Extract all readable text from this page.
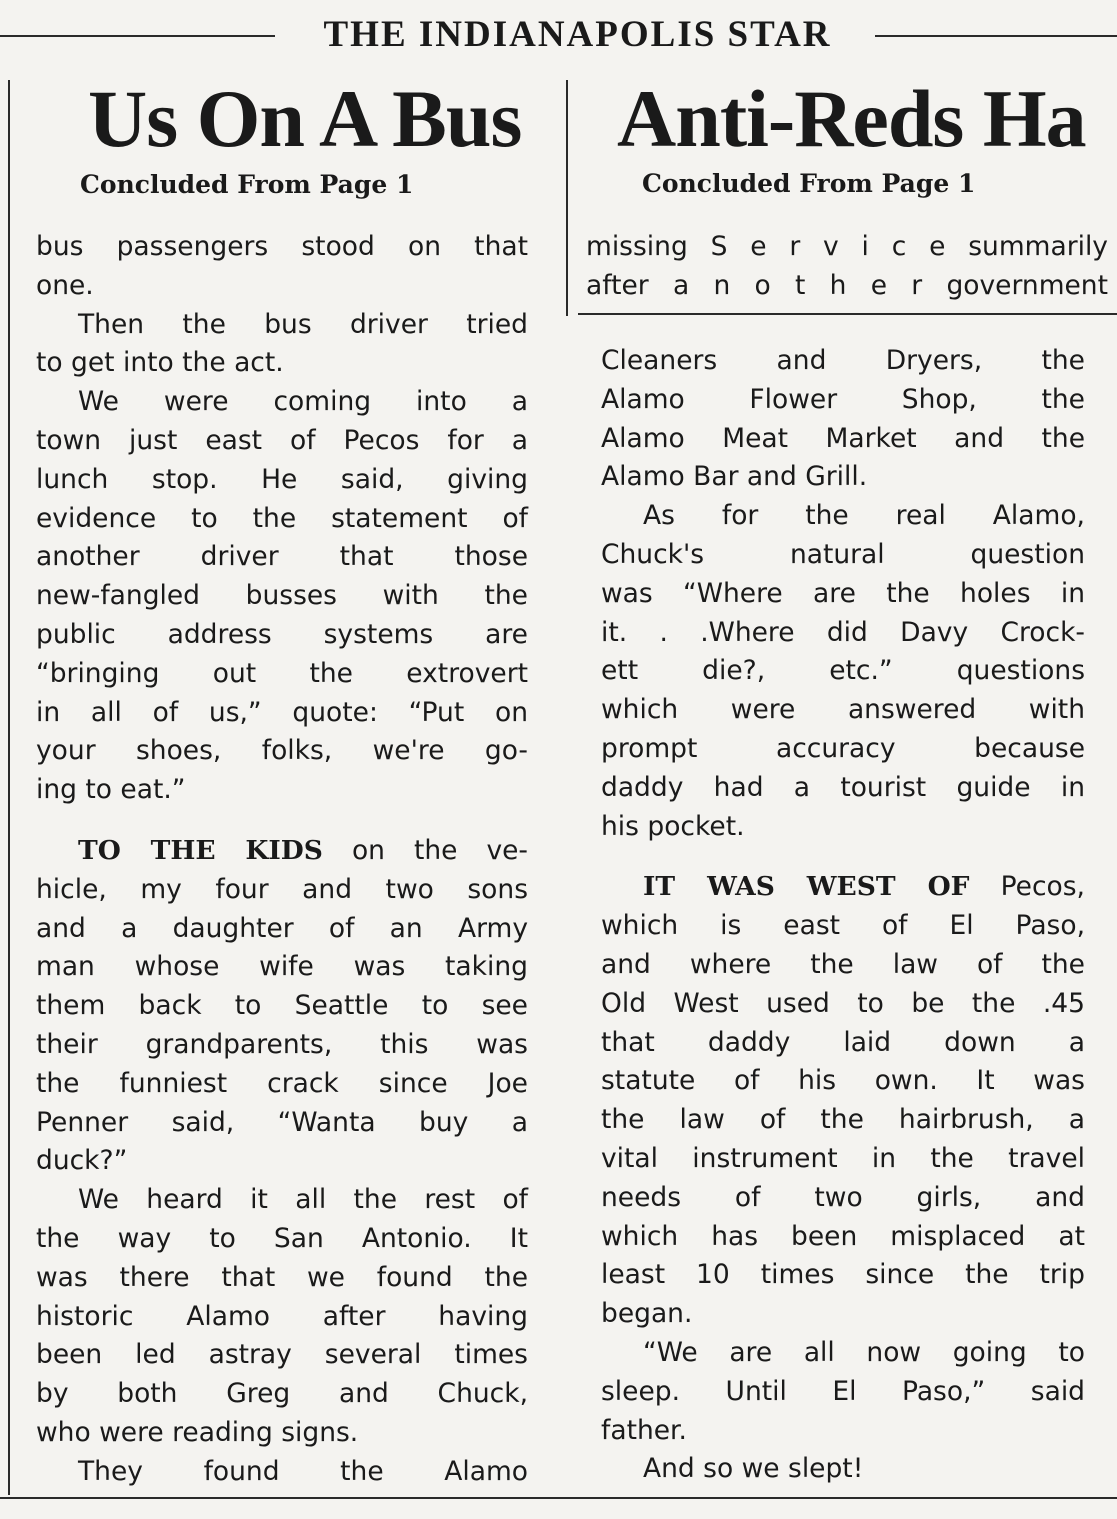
THE INDIANAPOLIS STAR
Us On A Bus
Concluded From Page 1
bus passengers stood on that
one.
Then the bus driver tried
to get into the act.
We were coming into a
town just east of Pecos for a
lunch stop. He said, giving
evidence to the statement of
another driver that those
new-fangled busses with the
public address systems are
“bringing out the extrovert
in all of us,” quote: “Put on
your shoes, folks, we're go-
ing to eat.”
TO THE KIDS on the ve-
hicle, my four and two sons
and a daughter of an Army
man whose wife was taking
them back to Seattle to see
their grandparents, this was
the funniest crack since Joe
Penner said, “Wanta buy a
duck?”
We heard it all the rest of
the way to San Antonio. It
was there that we found the
historic Alamo after having
been led astray several times
by both Greg and Chuck,
who were reading signs.
They found the Alamo
Anti-Reds Ha
Concluded From Page 1
missing S e r v i c e summarily
after a n o t h e r government
Cleaners and Dryers, the
Alamo Flower Shop, the
Alamo Meat Market and the
Alamo Bar and Grill.
As for the real Alamo,
Chuck's natural question
was “Where are the holes in
it. . .Where did Davy Crock-
ett die?, etc.” questions
which were answered with
prompt accuracy because
daddy had a tourist guide in
his pocket.
IT WAS WEST OF Pecos,
which is east of El Paso,
and where the law of the
Old West used to be the .45
that daddy laid down a
statute of his own. It was
the law of the hairbrush, a
vital instrument in the travel
needs of two girls, and
which has been misplaced at
least 10 times since the trip
began.
“We are all now going to
sleep. Until El Paso,” said
father.
And so we slept!
